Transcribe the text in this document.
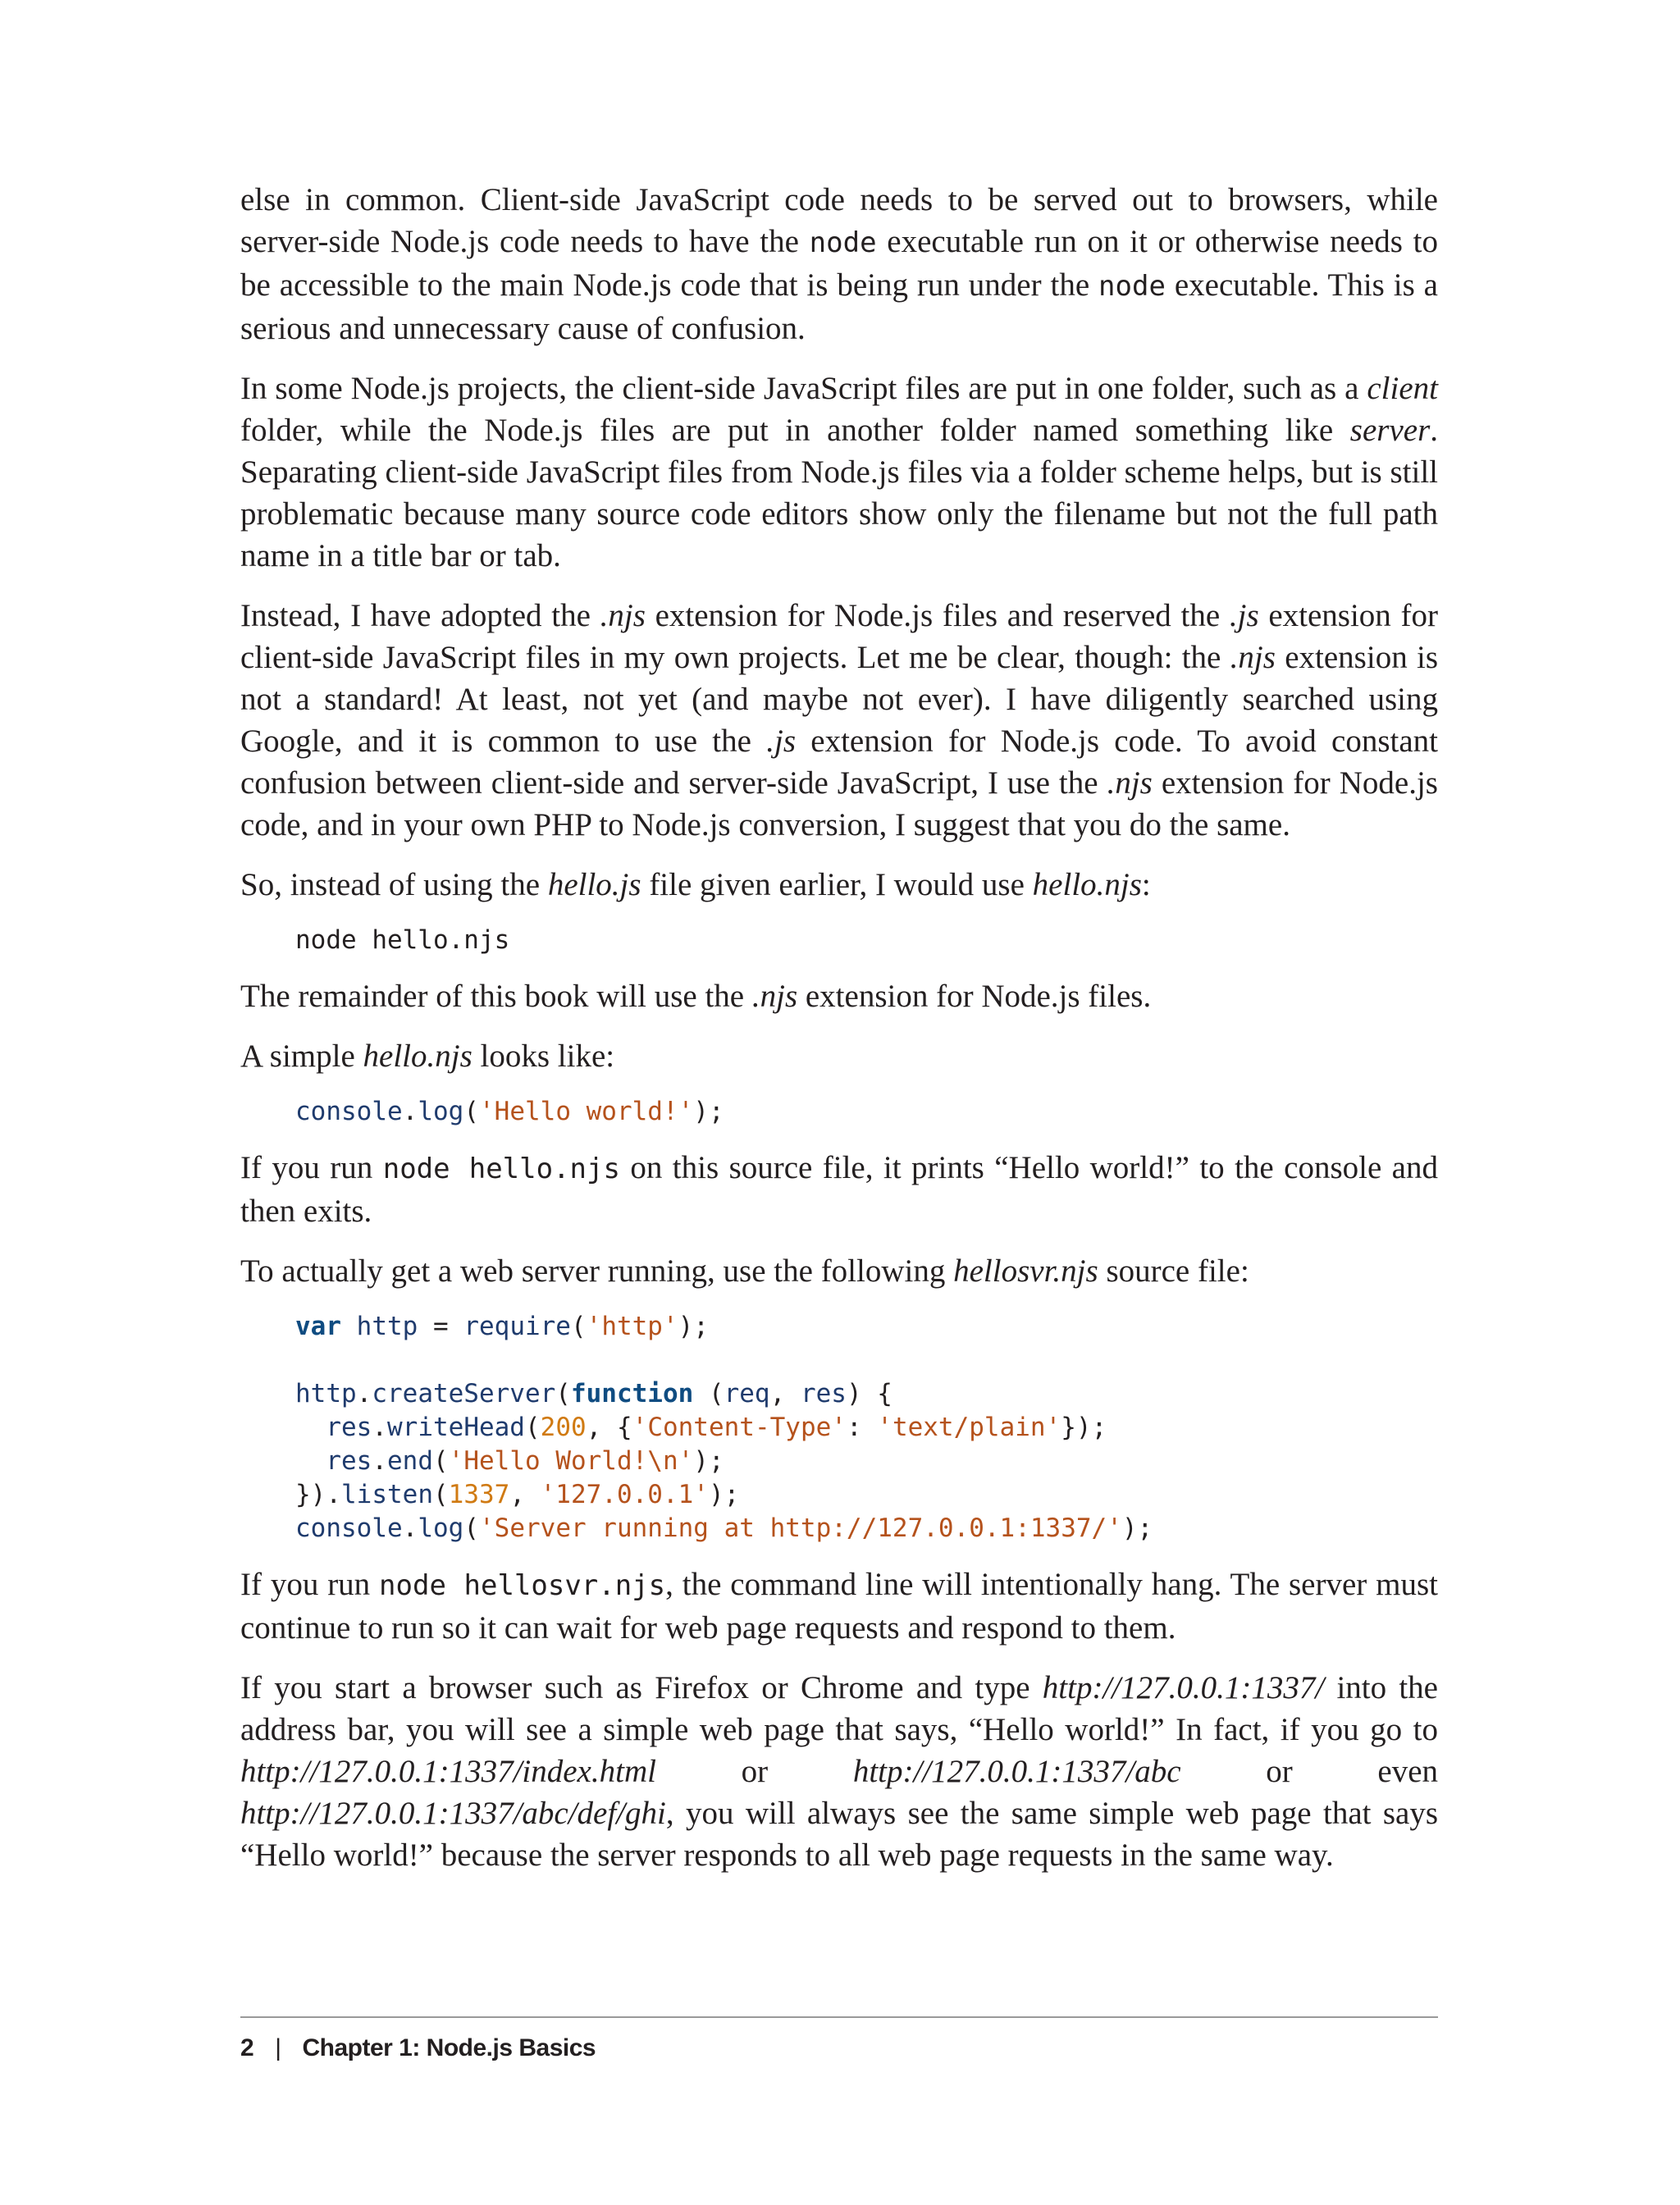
else in common. Client-side JavaScript code needs to be served out to browsers, while server-side Node.js code needs to have the node executable run on it or otherwise needs to be accessible to the main Node.js code that is being run under the node executable. This is a serious and unnecessary cause of confusion.

In some Node.js projects, the client-side JavaScript files are put in one folder, such as a client folder, while the Node.js files are put in another folder named something like server. Separating client-side JavaScript files from Node.js files via a folder scheme helps, but is still problematic because many source code editors show only the filename but not the full path name in a title bar or tab.

Instead, I have adopted the .njs extension for Node.js files and reserved the .js extension for client-side JavaScript files in my own projects. Let me be clear, though: the .njs extension is not a standard! At least, not yet (and maybe not ever). I have diligently searched using Google, and it is common to use the .js extension for Node.js code. To avoid constant confusion between client-side and server-side JavaScript, I use the .njs extension for Node.js code, and in your own PHP to Node.js conversion, I suggest that you do the same.

So, instead of using the hello.js file given earlier, I would use hello.njs:

node hello.njs

The remainder of this book will use the .njs extension for Node.js files.

A simple hello.njs looks like:

console.log('Hello world!');

If you run node hello.njs on this source file, it prints “Hello world!” to the console and then exits.

To actually get a web server running, use the following hellosvr.njs source file:

var http = require('http');
http.createServer(function (req, res) {
res.writeHead(200, {'Content-Type': 'text/plain'});
res.end('Hello World!\n');
}).listen(1337, '127.0.0.1');
console.log('Server running at http://127.0.0.1:1337/');

If you run node hellosvr.njs, the command line will intentionally hang. The server must continue to run so it can wait for web page requests and respond to them.

If you start a browser such as Firefox or Chrome and type http://127.0.0.1:1337/ into the address bar, you will see a simple web page that says, “Hello world!” In fact, if you go to http://127.0.0.1:1337/index.html or http://127.0.0.1:1337/abc or even http://127.0.0.1:1337/abc/def/ghi, you will always see the same simple web page that says “Hello world!” because the server responds to all web page requests in the same way.

2 | Chapter 1: Node.js Basics
